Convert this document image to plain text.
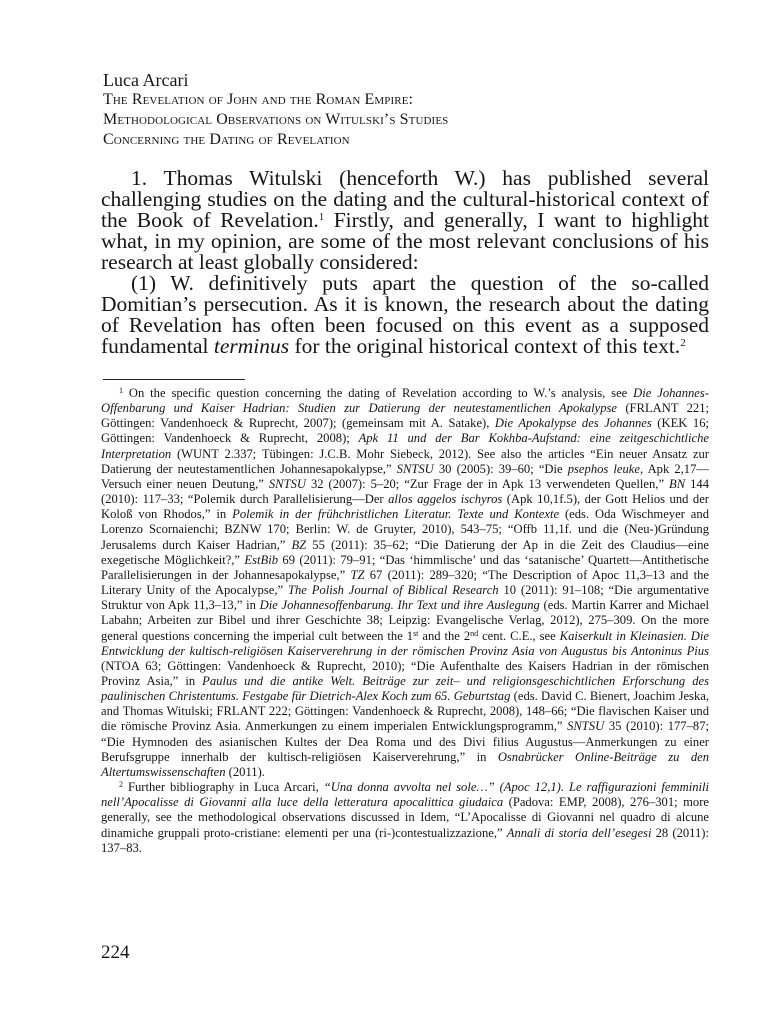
Luca Arcari

The Revelation of John and the Roman Empire:

Methodological Observations on Witulski’s Studies

Concerning the Dating of Revelation

1. Thomas Witulski (henceforth W.) has published several challenging studies on the dating and the cultural-historical context of the Book of Revelation.$^1$ Firstly, and generally, I want to highlight what, in my opinion, are some of the most relevant conclusions of his research at least globally considered:

(1) W. definitively puts apart the question of the so-called Domitian’s persecution. As it is known, the research about the dating of Revelation has often been focused on this event as a supposed fundamental terminus for the original historical context of this text.$^2$

$^1$ On the specific question concerning the dating of Revelation according to W.’s analysis, see Die Johannes-Offenbarung und Kaiser Hadrian: Studien zur Datierung der neutestamentlichen Apokalypse (FRLANT 221; Göttingen: Vandenhoeck & Ruprecht, 2007); (gemeinsam mit A. Satake), Die Apokalypse des Johannes (KEK 16; Göttingen: Vandenhoeck & Ruprecht, 2008); Apk 11 und der Bar Kokhba-Aufstand: eine zeitgeschichtliche Interpretation (WUNT 2.337; Tübingen: J.C.B. Mohr Siebeck, 2012). See also the articles “Ein neuer Ansatz zur Datierung der neutestamentlichen Johannesapokalypse,” SNTSU 30 (2005): 39–60; “Die psephos leuke, Apk 2,17—Versuch einer neuen Deutung,” SNTSU 32 (2007): 5–20; “Zur Frage der in Apk 13 verwendeten Quellen,” BN 144 (2010): 117–33; “Polemik durch Parallelisierung—Der allos aggelos ischyros (Apk 10,1f.5), der Gott Helios und der Koloß von Rhodos,” in Polemik in der frühchristlichen Literatur. Texte und Kontexte (eds. Oda Wischmeyer and Lorenzo Scornaienchi; BZNW 170; Berlin: W. de Gruyter, 2010), 543–75; “Offb 11,1f. und die (Neu-)Gründung Jerusalems durch Kaiser Hadrian,” BZ 55 (2011): 35–62; “Die Datierung der Ap in die Zeit des Claudius—eine exegetische Möglichkeit?,” EstBib 69 (2011): 79–91; “Das ‘himmlische’ und das ‘satanische’ Quartett—Antithetische Parallelisierungen in der Johannesapokalypse,” TZ 67 (2011): 289–320; “The Description of Apoc 11,3–13 and the Literary Unity of the Apocalypse,” The Polish Journal of Biblical Research 10 (2011): 91–108; “Die argumentative Struktur von Apk 11,3–13,” in Die Johannesoffenbarung. Ihr Text und ihre Auslegung (eds. Martin Karrer and Michael Labahn; Arbeiten zur Bibel und ihrer Geschichte 38; Leipzig: Evangelische Verlag, 2012), 275–309. On the more general questions concerning the imperial cult between the 1st and the 2nd cent. C.E., see Kaiserkult in Kleinasien. Die Entwicklung der kultisch-religiösen Kaiserverehrung in der römischen Provinz Asia von Augustus bis Antoninus Pius (NTOA 63; Göttingen: Vandenhoeck & Ruprecht, 2010); “Die Aufenthalte des Kaisers Hadrian in der römischen Provinz Asia,” in Paulus und die antike Welt. Beiträge zur zeit– und religionsgeschichtlichen Erforschung des paulinischen Christentums. Festgabe für Dietrich-Alex Koch zum 65. Geburtstag (eds. David C. Bienert, Joachim Jeska, and Thomas Witulski; FRLANT 222; Göttingen: Vandenhoeck & Ruprecht, 2008), 148–66; “Die flavischen Kaiser und die römische Provinz Asia. Anmerkungen zu einem imperialen Entwicklungsprogramm,” SNTSU 35 (2010): 177–87; “Die Hymnoden des asianischen Kultes der Dea Roma und des Divi filius Augustus—Anmerkungen zu einer Berufsgruppe innerhalb der kultisch-religiösen Kaiserverehrung,” in Osnabrücker Online-Beiträge zu den Altertumswissenschaften (2011).

$^2$ Further bibliography in Luca Arcari, “Una donna avvolta nel sole…” (Apoc 12,1). Le raffigurazioni femminili nell’Apocalisse di Giovanni alla luce della letteratura apocalittica giudaica (Padova: EMP, 2008), 276–301; more generally, see the methodological observations discussed in Idem, “L’Apocalisse di Giovanni nel quadro di alcune dinamiche gruppali proto-cristiane: elementi per una (ri-)contestualizzazione,” Annali di storia dell’esegesi 28 (2011): 137–83.

224
